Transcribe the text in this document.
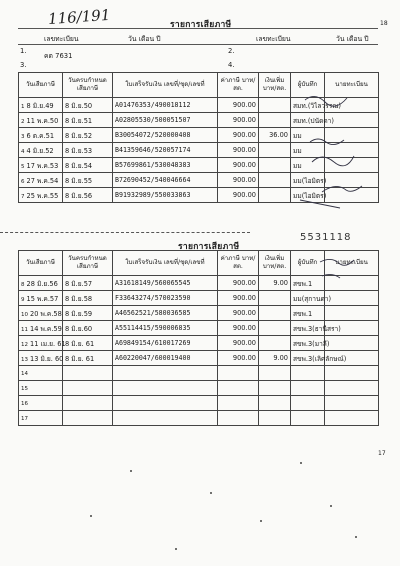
116/191	18
รายการเสียภาษี
เลขทะเบียน	วัน เดือน ปี	เลขทะเบียน	วัน เดือน ปี
1.
คต 7631
2.
3.	4.
วันเสียภาษี	วันครบกำหนด เสียภาษี	ใบเสร็จรับเงิน เลขที่/ชุด/เลขที่	ค่าภาษี บาท/สต.	เงินเพิ่ม บาท/สต.	ผู้บันทึก	นายทะเบียน
1 8 มิ.ย.49	8 มิ.ย.50	A01476353/490018112	900.00		สมท.(วิไลวรรณ)	
2 11 พ.ค.50	8 มิ.ย.51	A02805530/500051507	900.00		สมท.(ปนัดดา)	
3 6 ต.ค.51	8 มิ.ย.52	B30054072/520000408	900.00	36.00	มม	
4 4 มิ.ย.52	8 มิ.ย.53	B41359646/520057174	900.00		มม	
5 17 พ.ค.53	8 มิ.ย.54	B57699861/530048383	900.00		มม	
6 27 พ.ค.54	8 มิ.ย.55	B72690452/540046664	900.00		มม(ไอมิตร)	
7 25 พ.ค.55	8 มิ.ย.56	B91932989/550033863	900.00		มม(ไอมิตร)	
5531118
รายการเสียภาษี
วันเสียภาษี	วันครบกำหนด เสียภาษี	ใบเสร็จรับเงิน เลขที่/ชุด/เลขที่	ค่าภาษี บาท/สต.	เงินเพิ่ม บาท/สต.	ผู้บันทึก	นายทะเบียน
8 28 มิ.ย.56	8 มิ.ย.57	A31618149/560065545	900.00	9.00	สขพ.1	
9 15 พ.ค.57	8 มิ.ย.58	F33643274/570023590	900.00		มม(สุกานดา)	
10 20 พ.ค.58	8 มิ.ย.59	A46562521/580036585	900.00		สขพ.1	
11 14 พ.ค.59	8 มิ.ย.60	A55114415/590006835	900.00		สขพ.3(ธานีสรา)	
12 11 เม.ย. 61	8 มิ.ย. 61	A69849154/610017269	900.00		สขพ.3(มาลี)	
13 13 มิ.ย. 60	8 มิ.ย. 61	A60220047/600019400	900.00	9.00	สขพ.3(เลิศลักษณ์)	
14						
15						
16						
17						
17
